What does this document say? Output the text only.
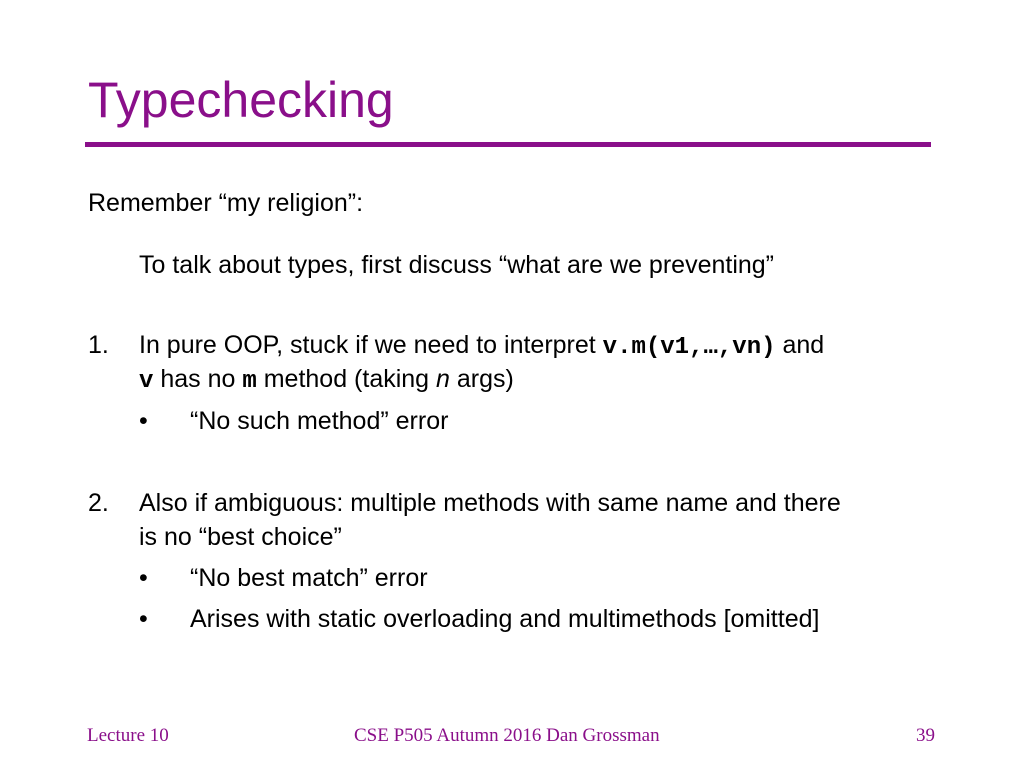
Typechecking
Remember “my religion”:
To talk about types, first discuss “what are we preventing”
1. In pure OOP, stuck if we need to interpret v.m(v1,…,vn) and
v has no m method (taking n args)
• “No such method” error
2. Also if ambiguous: multiple methods with same name and there
is no “best choice”
• “No best match” error
• Arises with static overloading and multimethods [omitted]
Lecture 10	CSE P505 Autumn 2016 Dan Grossman	39
